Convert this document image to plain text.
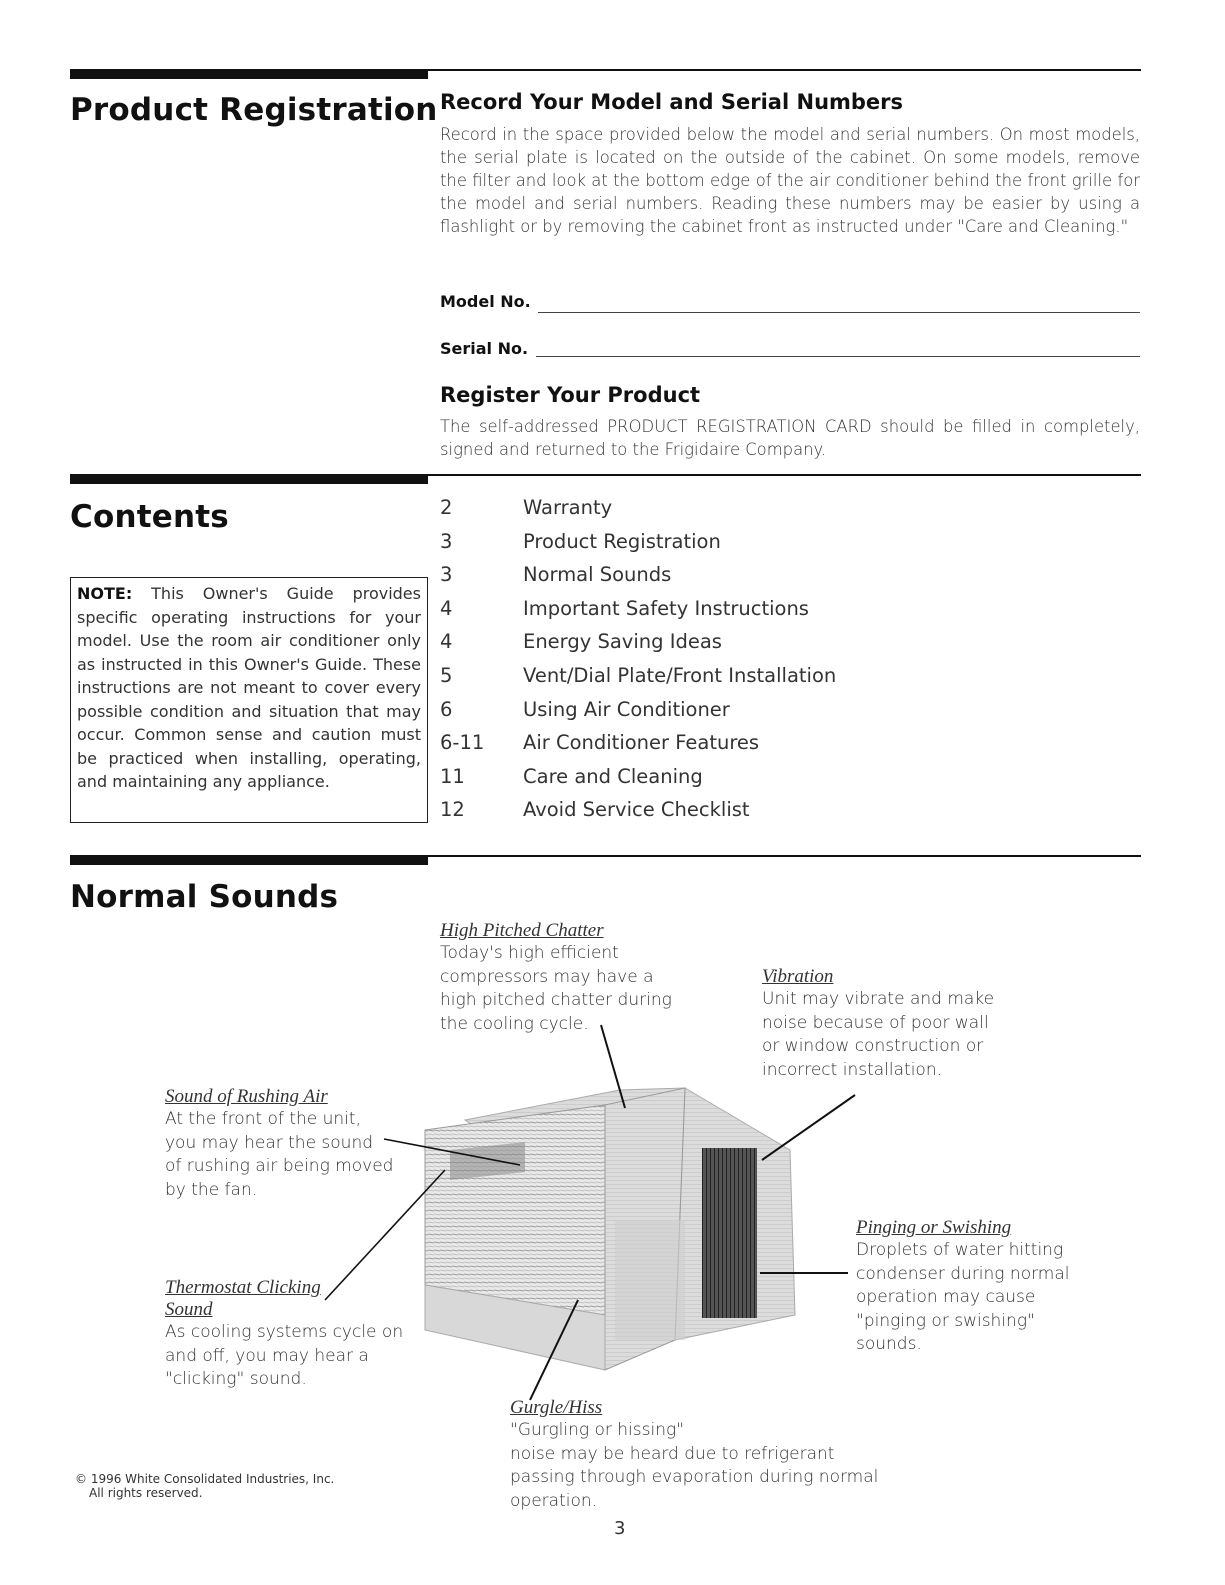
Product Registration Record Your Model and Serial Numbers
Record in the space provided below the model and serial numbers. On most models, the serial plate is located on the outside of the cabinet. On some models, remove the filter and look at the bottom edge of the air conditioner behind the front grille for the model and serial numbers. Reading these numbers may be easier by using a flashlight or by removing the cabinet front as instructed under "Care and Cleaning."
Model No.
Serial No.
Register Your Product
The self-addressed PRODUCT REGISTRATION CARD should be filled in completely, signed and returned to the Frigidaire Company.
Contents
NOTE: This Owner's Guide provides specific operating instructions for your model. Use the room air conditioner only as instructed in this Owner's Guide. These instructions are not meant to cover every possible condition and situation that may occur. Common sense and caution must be practiced when installing, operating, and maintaining any appliance.
2	Warranty
3	Product Registration
3	Normal Sounds
4	Important Safety Instructions
4	Energy Saving Ideas
5	Vent/Dial Plate/Front Installation
6	Using Air Conditioner
6-11	Air Conditioner Features
11	Care and Cleaning
12	Avoid Service Checklist
Normal Sounds
High Pitched Chatter
Today's high efficient
compressors may have a
high pitched chatter during
the cooling cycle.
Vibration
Unit may vibrate and make
noise because of poor wall
or window construction or
incorrect installation.
Sound of Rushing Air
At the front of the unit,
you may hear the sound
of rushing air being moved
by the fan.
Thermostat Clicking
Sound
As cooling systems cycle on
and off, you may hear a
"clicking" sound.
Pinging or Swishing
Droplets of water hitting
condenser during normal
operation may cause
"pinging or swishing"
sounds.
Gurgle/Hiss
"Gurgling or hissing"
noise may be heard due to refrigerant
passing through evaporation during normal
operation.
© 1996 White Consolidated Industries, Inc.
All rights reserved.
3
